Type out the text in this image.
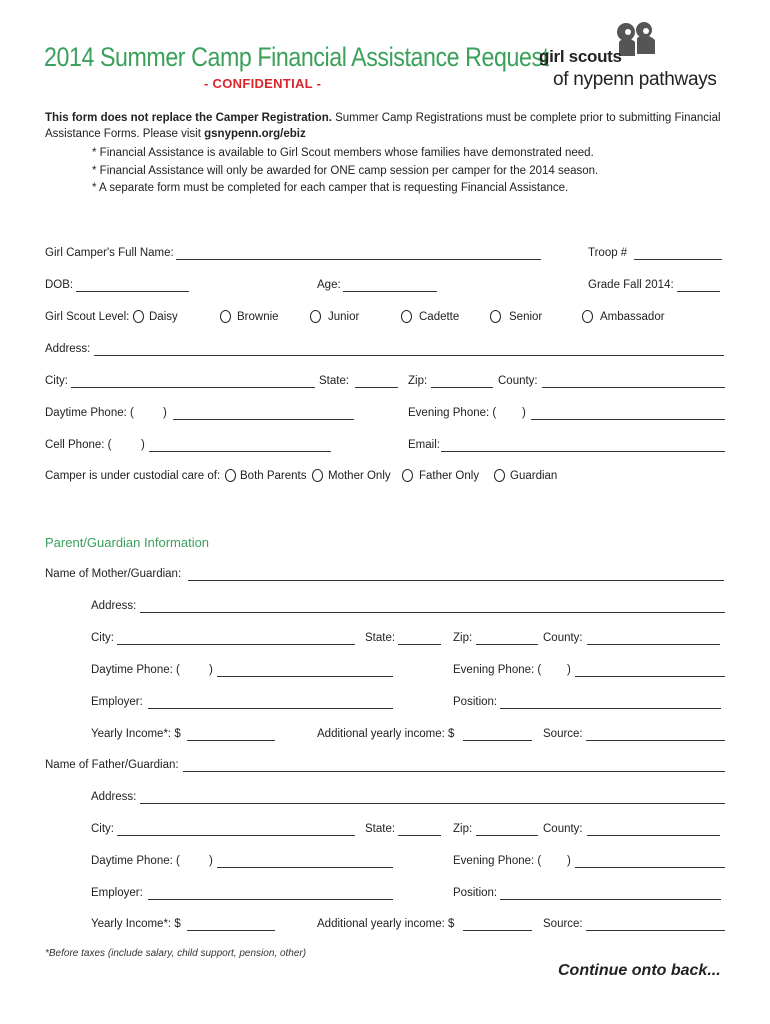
2014 Summer Camp Financial Assistance Request
- CONFIDENTIAL -
girl scouts
of nypenn pathways
This form does not replace the Camper Registration. Summer Camp Registrations must be complete prior to submitting Financial Assistance Forms. Please visit gsnypenn.org/ebiz
* Financial Assistance is available to Girl Scout members whose families have demonstrated need.
* Financial Assistance will only be awarded for ONE camp session per camper for the 2014 season.
* A separate form must be completed for each camper that is requesting Financial Assistance.
Girl Camper's Full Name:	Troop #
DOB:	Age:	Grade Fall 2014:
Girl Scout Level: Daisy	Brownie	Junior	Cadette	Senior	Ambassador
Address:
City:	State:	Zip:	County:
Daytime Phone: (	)	Evening Phone: ( )
Cell Phone: (	)	Email:
Camper is under custodial care of: Both Parents Mother Only Father Only	Guardian
Parent/Guardian Information
Name of Mother/Guardian:
Address:
City:	State:	Zip:	County:
Daytime Phone: (	)	Evening Phone: ( )
Employer:	Position:
Yearly Income*: $	Additional yearly income: $	Source:
Name of Father/Guardian:
Address:
City:	State:	Zip:	County:
Daytime Phone: (	)	Evening Phone: ( )
Employer:	Position:
Yearly Income*: $	Additional yearly income: $	Source:
*Before taxes (include salary, child support, pension, other)
Continue onto back...
